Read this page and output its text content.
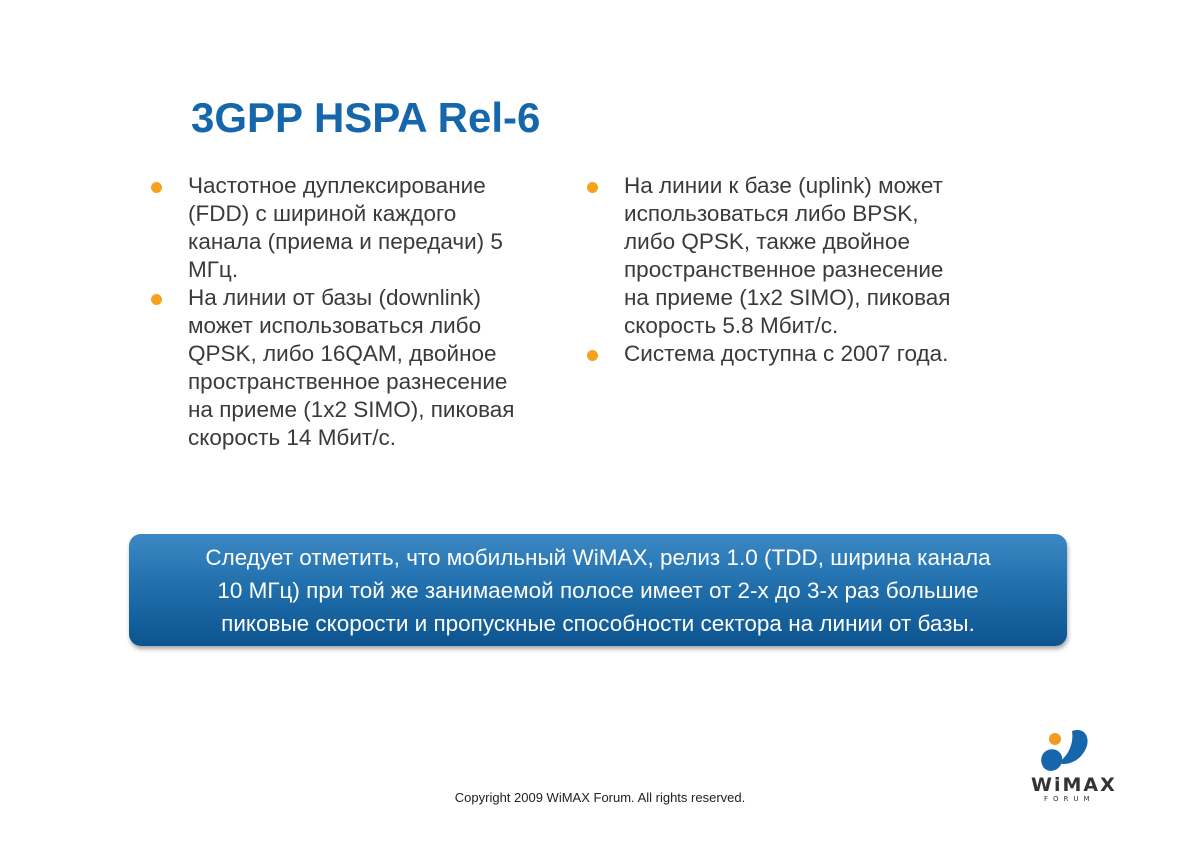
3GPP HSPA Rel-6
Частотное дуплексирование
(FDD) с шириной каждого
канала (приема и передачи) 5
МГц.
На линии от базы (downlink)
может использоваться либо
QPSK, либо 16QAM, двойное
пространственное разнесение
на приеме (1x2 SIMO), пиковая
скорость 14 Мбит/с.
На линии к базе (uplink) может
использоваться либо BPSK,
либо QPSK, также двойное
пространственное разнесение
на приеме (1x2 SIMO), пиковая
скорость 5.8 Мбит/с.
Система доступна с 2007 года.
Следует отметить, что мобильный WiMAX, релиз 1.0 (TDD, ширина канала
10 МГц) при той же занимаемой полосе имеет от 2-х до 3-х раз большие
пиковые скорости и пропускные способности сектора на линии от базы.
WiMAX
FORUM
Copyright 2009 WiMAX Forum. All rights reserved.
